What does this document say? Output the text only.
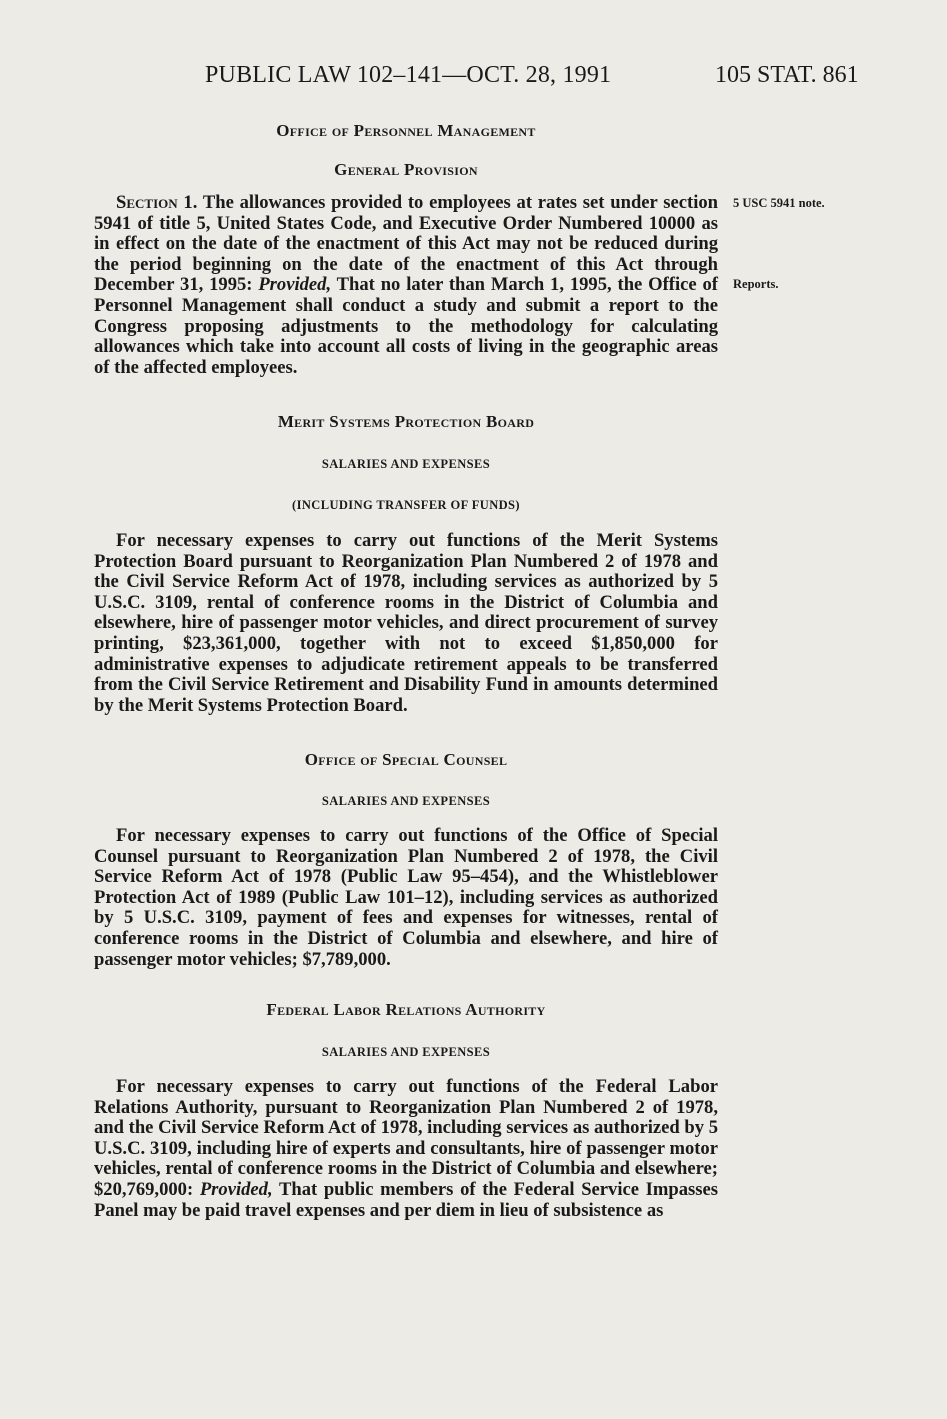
PUBLIC LAW 102–141—OCT. 28, 1991	105 STAT. 861
5 USC 5941 note.
Reports.
Office of Personnel Management
General Provision

Section 1. The allowances provided to employees at rates set under section 5941 of title 5, United States Code, and Executive Order Numbered 10000 as in effect on the date of the enactment of this Act may not be reduced during the period beginning on the date of the enactment of this Act through December 31, 1995: Provided, That no later than March 1, 1995, the Office of Personnel Management shall conduct a study and submit a report to the Congress proposing adjustments to the methodology for calculating allowances which take into account all costs of living in the geographic areas of the affected employees.

Merit Systems Protection Board
SALARIES AND EXPENSES
(INCLUDING TRANSFER OF FUNDS)

For necessary expenses to carry out functions of the Merit Systems Protection Board pursuant to Reorganization Plan Numbered 2 of 1978 and the Civil Service Reform Act of 1978, including services as authorized by 5 U.S.C. 3109, rental of conference rooms in the District of Columbia and elsewhere, hire of passenger motor vehicles, and direct procurement of survey printing, $23,361,000, together with not to exceed $1,850,000 for administrative expenses to adjudicate retirement appeals to be transferred from the Civil Service Retirement and Disability Fund in amounts determined by the Merit Systems Protection Board.

Office of Special Counsel
SALARIES AND EXPENSES

For necessary expenses to carry out functions of the Office of Special Counsel pursuant to Reorganization Plan Numbered 2 of 1978, the Civil Service Reform Act of 1978 (Public Law 95–454), and the Whistleblower Protection Act of 1989 (Public Law 101–12), including services as authorized by 5 U.S.C. 3109, payment of fees and expenses for witnesses, rental of conference rooms in the District of Columbia and elsewhere, and hire of passenger motor vehicles; $7,789,000.

Federal Labor Relations Authority
SALARIES AND EXPENSES

For necessary expenses to carry out functions of the Federal Labor Relations Authority, pursuant to Reorganization Plan Numbered 2 of 1978, and the Civil Service Reform Act of 1978, including services as authorized by 5 U.S.C. 3109, including hire of experts and consultants, hire of passenger motor vehicles, rental of conference rooms in the District of Columbia and elsewhere; $20,769,000: Provided, That public members of the Federal Service Impasses Panel may be paid travel expenses and per diem in lieu of subsistence as
